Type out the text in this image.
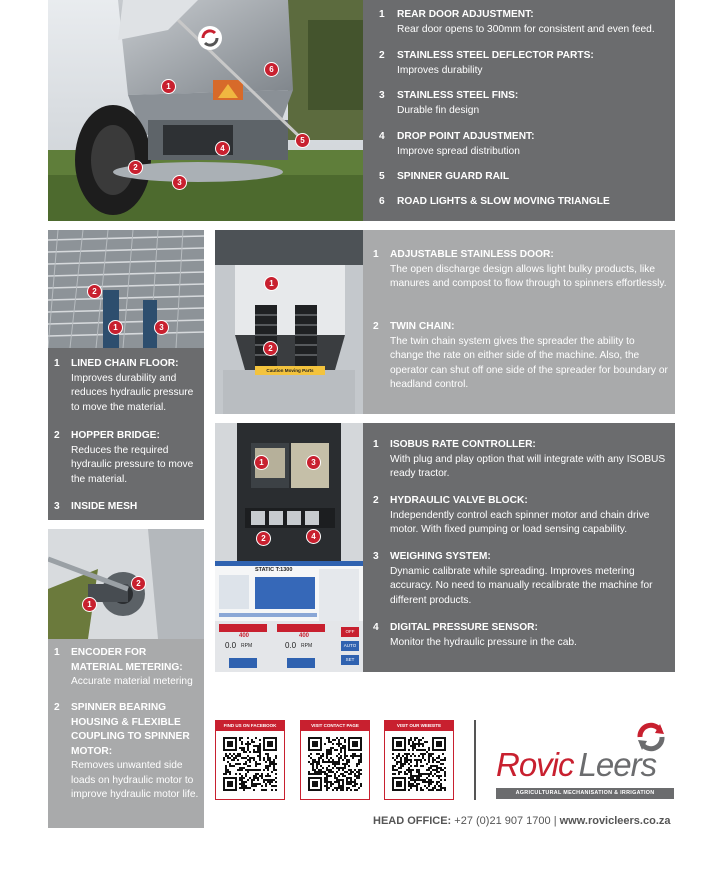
1
2
3
4
5
6
1 REAR DOOR ADJUSTMENT:
Rear door opens to 300mm for consistent and even feed.
2 STAINLESS STEEL DEFLECTOR PARTS:
Improves durability
3 STAINLESS STEEL FINS:
Durable fin design
4 DROP POINT ADJUSTMENT:
Improve spread distribution
5 SPINNER GUARD RAIL
6 ROAD LIGHTS & SLOW MOVING TRIANGLE
2
1	3
1 LINED CHAIN FLOOR:
Improves durability and reduces hydraulic pressure to move the material.
2 HOPPER BRIDGE:
Reduces the required hydraulic pressure to move the material.
3 INSIDE MESH
2
1
1 ENCODER FOR MATERIAL METERING:
Accurate material metering
2 SPINNER BEARING HOUSING & FLEXIBLE COUPLING TO SPINNER MOTOR:
Removes unwanted side loads on hydraulic motor to improve hydraulic motor life.
Caution Moving Parts
1
2
1 ADJUSTABLE STAINLESS DOOR:
The open discharge design allows light bulky products, like manures and compost to flow through to spinners effortlessly.
2 TWIN CHAIN:
The twin chain system gives the spreader the ability to change the rate on either side of the machine. Also, the operator can shut off one side of the spreader for boundary or headland control.
1	3
2	4
STATIC T:1300
400
0.0 RPM
400
0.0 RPM
OFF
AUTO
SET
1 ISOBUS RATE CONTROLLER:
With plug and play option that will integrate with any ISOBUS ready tractor.
2 HYDRAULIC VALVE BLOCK:
Independently control each spinner motor and chain drive motor. With fixed pumping or load sensing capability.
3 WEIGHING SYSTEM:
Dynamic calibrate while spreading. Improves metering accuracy. No need to manually recalibrate the machine for different products.
4 DIGITAL PRESSURE SENSOR:
Monitor the hydraulic pressure in the cab.
FIND US ON FACEBOOK	VISIT CONTACT PAGE	VISIT OUR WEBSITE
Rovic Leers
AGRICULTURAL MECHANISATION & IRRIGATION
HEAD OFFICE: +27 (0)21 907 1700 | www.rovicleers.co.za
